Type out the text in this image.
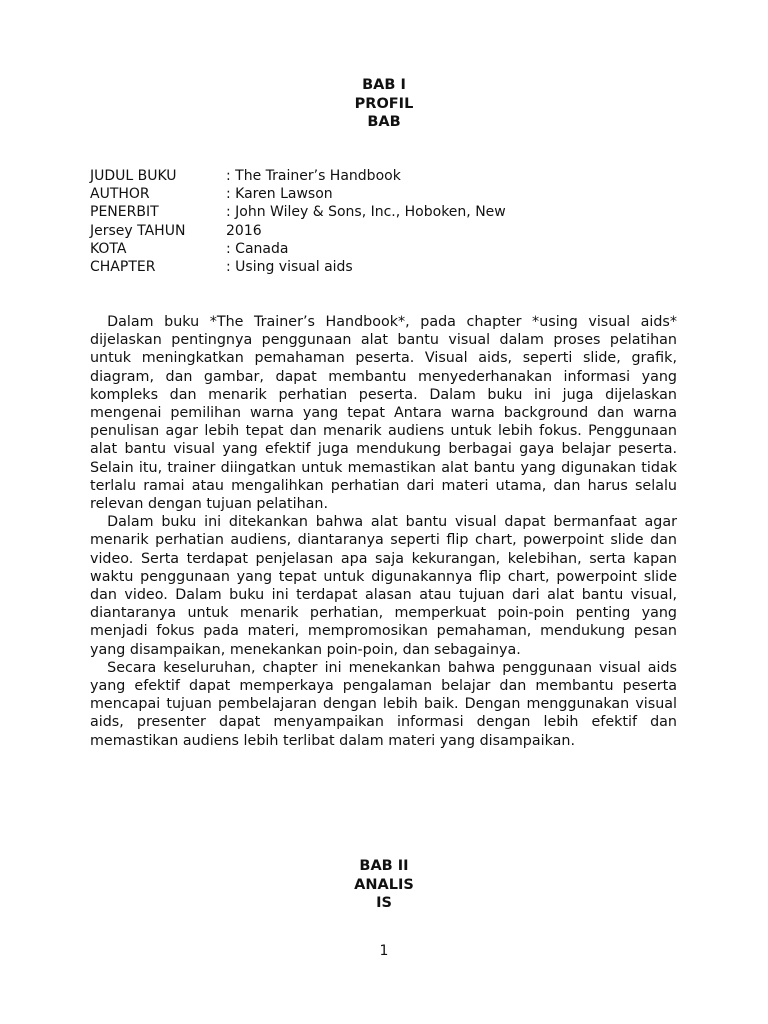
BAB I
PROFIL
BAB
JUDUL BUKU	: The Trainer’s Handbook
AUTHOR	: Karen Lawson
PENERBIT	: John Wiley & Sons, Inc., Hoboken, New
Jersey TAHUN	2016
KOTA	: Canada
CHAPTER	: Using visual aids

Dalam buku *The Trainer’s Handbook*, pada chapter *using visual aids* dijelaskan pentingnya penggunaan alat bantu visual dalam proses pelatihan untuk meningkatkan pemahaman peserta. Visual aids, seperti slide, grafik, diagram, dan gambar, dapat membantu menyederhanakan informasi yang kompleks dan menarik perhatian peserta. Dalam buku ini juga dijelaskan mengenai pemilihan warna yang tepat Antara warna background dan warna penulisan agar lebih tepat dan menarik audiens untuk lebih fokus. Penggunaan alat bantu visual yang efektif juga mendukung berbagai gaya belajar peserta. Selain itu, trainer diingatkan untuk memastikan alat bantu yang digunakan tidak terlalu ramai atau mengalihkan perhatian dari materi utama, dan harus selalu relevan dengan tujuan pelatihan.

Dalam buku ini ditekankan bahwa alat bantu visual dapat bermanfaat agar menarik perhatian audiens, diantaranya seperti flip chart, powerpoint slide dan video. Serta terdapat penjelasan apa saja kekurangan, kelebihan, serta kapan waktu penggunaan yang tepat untuk digunakannya flip chart, powerpoint slide dan video. Dalam buku ini terdapat alasan atau tujuan dari alat bantu visual, diantaranya untuk menarik perhatian, memperkuat poin-poin penting yang menjadi fokus pada materi, mempromosikan pemahaman, mendukung pesan yang disampaikan, menekankan poin-poin, dan sebagainya.

Secara keseluruhan, chapter ini menekankan bahwa penggunaan visual aids yang efektif dapat memperkaya pengalaman belajar dan membantu peserta mencapai tujuan pembelajaran dengan lebih baik. Dengan menggunakan visual aids, presenter dapat menyampaikan informasi dengan lebih efektif dan memastikan audiens lebih terlibat dalam materi yang disampaikan.

BAB II
ANALIS
IS
1
